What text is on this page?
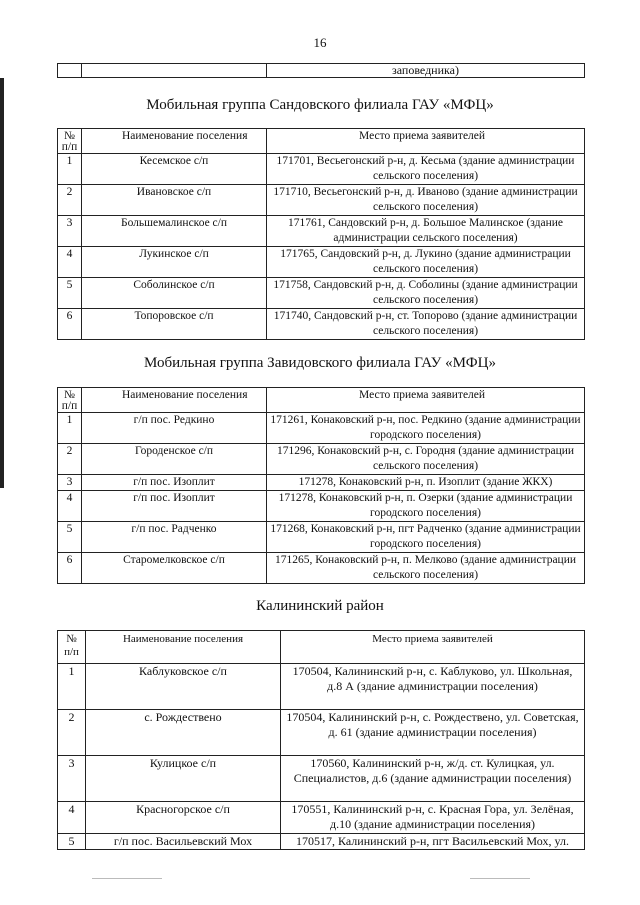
16
		заповедника)
Мобильная группа Сандовского филиала ГАУ «МФЦ»
№ п/п	Наименование поселения	Место приема заявителей
1	Кесемское с/п	171701, Весьегонский р-н, д. Кесьма (здание администрации сельского поселения)
2	Ивановское с/п	171710, Весьегонский р-н, д. Иваново (здание администрации сельского поселения)
3	Большемалинское с/п	171761, Сандовский р-н, д. Большое Малинское (здание администрации сельского поселения)
4	Лукинское с/п	171765, Сандовский р-н, д. Лукино (здание администрации сельского поселения)
5	Соболинское с/п	171758, Сандовский р-н, д. Соболины (здание администрации сельского поселения)
6	Топоровское с/п	171740, Сандовский р-н, ст. Топорово (здание администрации сельского поселения)
Мобильная группа Завидовского филиала ГАУ «МФЦ»
№ п/п	Наименование поселения	Место приема заявителей
1	г/п пос. Редкино	171261, Конаковский р-н, пос. Редкино (здание администрации городского поселения)
2	Городенское с/п	171296, Конаковский р-н, с. Городня (здание администрации сельского поселения)
3	г/п пос. Изоплит	171278, Конаковский р-н, п. Изоплит (здание ЖКХ)
4	г/п пос. Изоплит	171278, Конаковский р-н, п. Озерки (здание администрации городского поселения)
5	г/п пос. Радченко	171268, Конаковский р-н, пгт Радченко (здание администрации городского поселения)
6	Старомелковское с/п	171265, Конаковский р-н, п. Мелково (здание администрации сельского поселения)
Калининский район
№ п/п	Наименование поселения	Место приема заявителей
1	Каблуковское с/п	170504, Калининский р-н, с. Каблуково, ул. Школьная, д.8 А (здание администрации поселения)
2	с. Рождествено	170504, Калининский р-н, с. Рождествено, ул. Советская, д. 61 (здание администрации поселения)
3	Кулицкое с/п	170560, Калининский р-н, ж/д. ст. Кулицкая, ул. Специалистов, д.6 (здание администрации поселения)
4	Красногорское с/п	170551, Калининский р-н, с. Красная Гора, ул. Зелёная, д.10 (здание администрации поселения)
5	г/п пос. Васильевский Мох	170517, Калининский р-н, пгт Васильевский Мох, ул.
